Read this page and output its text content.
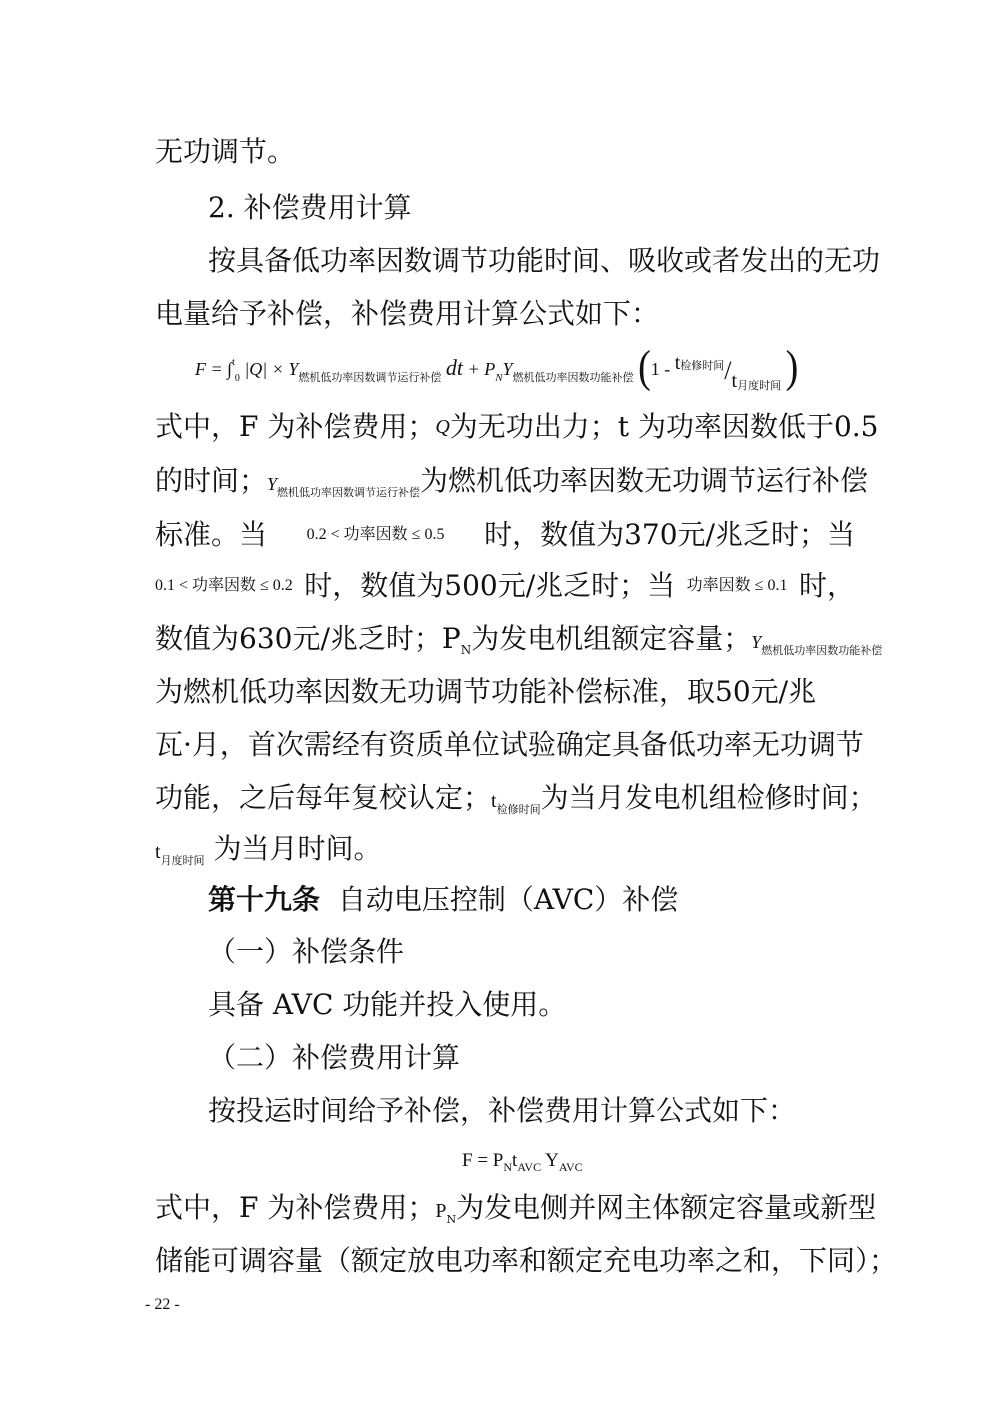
无功调节。
2. 补偿费用计算
按具备低功率因数调节功能时间、吸收或者发出的无功
电量给予补偿，补偿费用计算公式如下：
F = ∫$^t_0$ $|Q| \times Y_{燃机低功率因数调节运行补偿}$ dt + $P_NY_{燃机低功率因数功能补偿}$ ($1 - t^{检修时间}/t_{月度时间}$ )
式中，F 为补偿费用； Q 为无功出力；t 为功率因数低于0.5
的时间； $Y_{燃机低功率因数调节运行补偿}$ 为燃机低功率因数无功调节运行补偿
标准。当 0.2 < 功率因数 ≤ 0.5 时，数值为370元/兆乏时；当
0.1 < 功率因数 ≤ 0.2 时，数值为500元/兆乏时；当 功率因数 ≤ 0.1 时，
数值为630元/兆乏时；$P_N$ 为发电机组额定容量； $Y_{燃机低功率因数功能补偿}$
为燃机低功率因数无功调节功能补偿标准，取50元/兆
瓦·月，首次需经有资质单位试验确定具备低功率无功调节
功能，之后每年复校认定； $t_{检修时间}$ 为当月发电机组检修时间；
$t_{月度时间}$ 为当月时间。
第十九条 自动电压控制（AVC）补偿
（一）补偿条件
具备 AVC 功能并投入使用。
（二）补偿费用计算
按投运时间给予补偿，补偿费用计算公式如下：
$F = P_Nt_{AVC}$ $Y_{AVC}$
式中，F 为补偿费用； $P_N$ 为发电侧并网主体额定容量或新型
储能可调容量（额定放电功率和额定充电功率之和，下同）；
- 22 -
